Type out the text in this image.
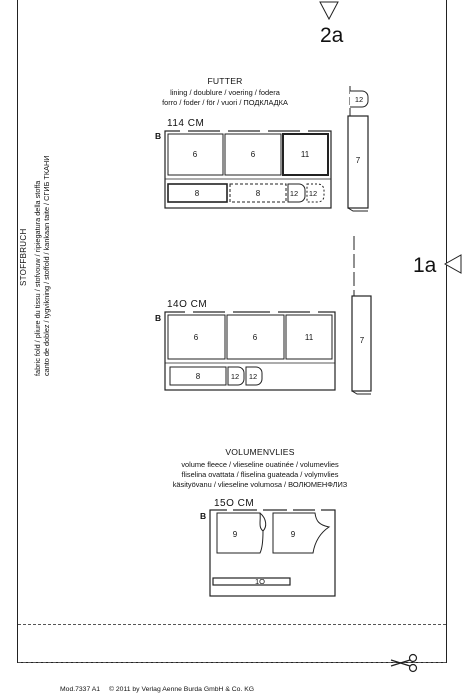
2a
1a
FUTTER
lining / doublure / voering / fodera
forro / foder / för / vuori / ПОДКЛАДКА
114 CM
B
6	6	11
8	8	12 12
12
7
14O CM
B
6	6	11
8	12 12
7
STOFFBRUCH fabric fold / pliure du tissu / stofvouw / ripiegatura della stoffa canto de doblez / tygvikning / stoffold / kankaan taite / СГИБ ТКАНИ
VOLUMENVLIES
volume fleece / vlieseline ouatinée / volumevlies
fliselina ovattata / fliselina guateada / volymvlies
käsityövanu / vlieseline volumosa / ВОЛЮМЕНФЛИЗ
15O CM
B
9	9
1O
Mod.7337 A1 © 2011 by Verlag Aenne Burda GmbH & Co. KG
